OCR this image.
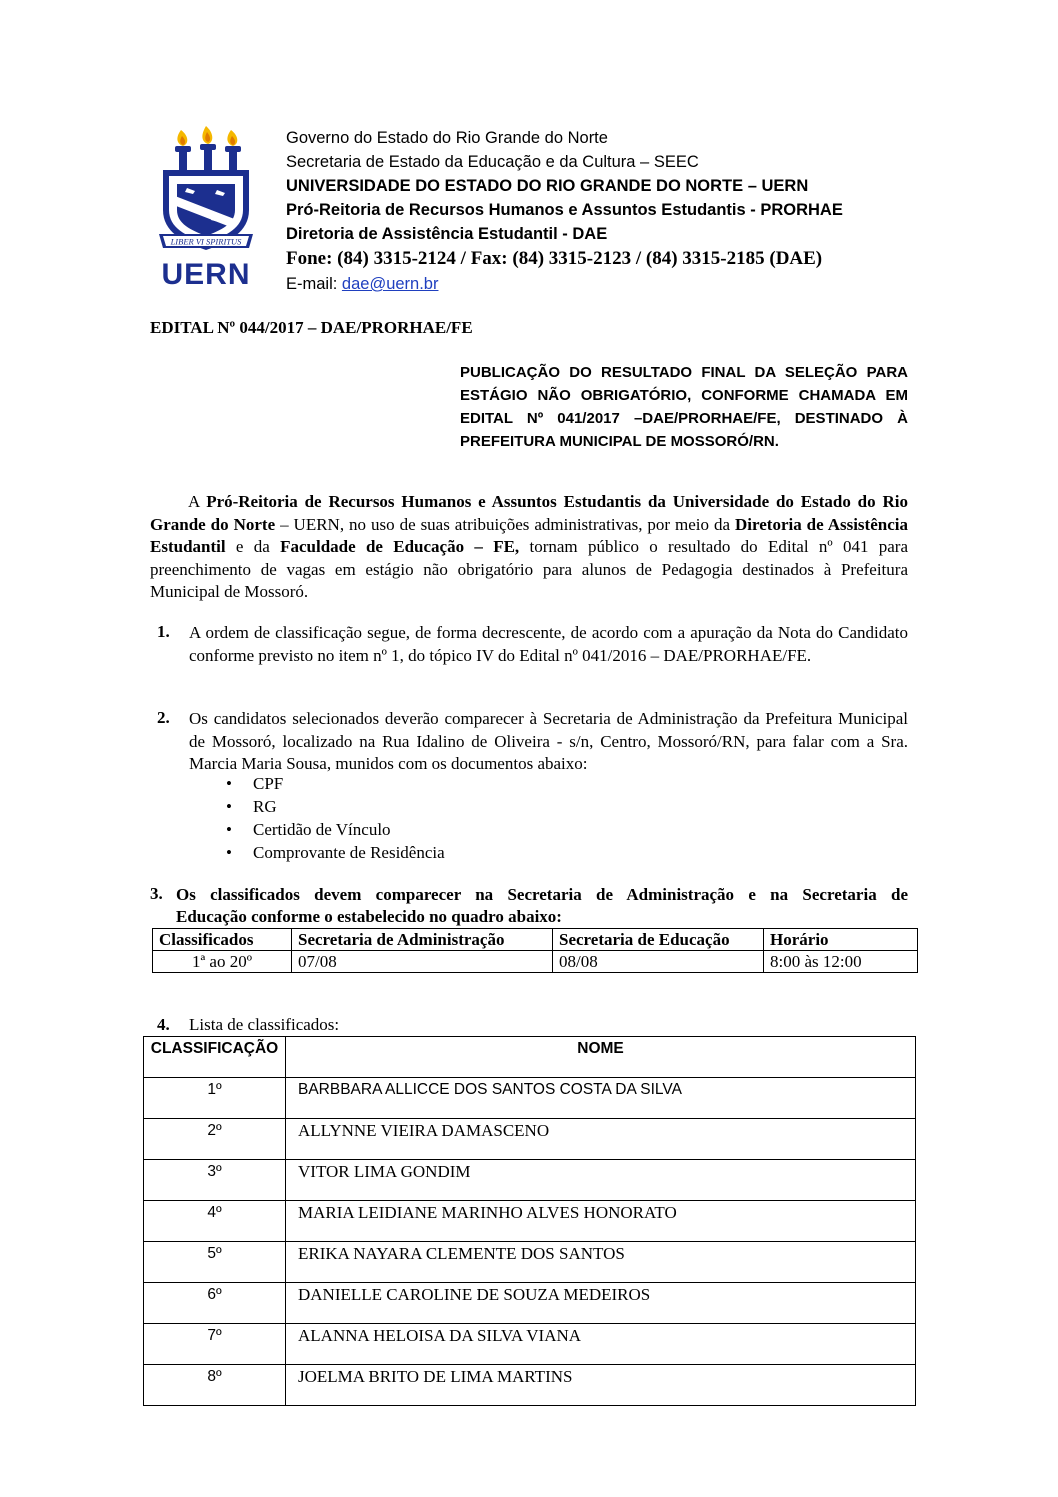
LIBER VI SPIRITUS
UERN
Governo do Estado do Rio Grande do Norte
Secretaria de Estado da Educação e da Cultura – SEEC
UNIVERSIDADE DO ESTADO DO RIO GRANDE DO NORTE – UERN
Pró-Reitoria de Recursos Humanos e Assuntos Estudantis - PRORHAE
Diretoria de Assistência Estudantil - DAE
Fone: (84) 3315-2124 / Fax: (84) 3315-2123 / (84) 3315-2185 (DAE)
E-mail: dae@uern.br
EDITAL Nº 044/2017 – DAE/PRORHAE/FE
PUBLICAÇÃO DO RESULTADO FINAL DA SELEÇÃO PARA ESTÁGIO NÃO OBRIGATÓRIO, CONFORME CHAMADA EM EDITAL Nº 041/2017 –DAE/PRORHAE/FE, DESTINADO À PREFEITURA MUNICIPAL DE MOSSORÓ/RN.
A Pró-Reitoria de Recursos Humanos e Assuntos Estudantis da Universidade do Estado do Rio Grande do Norte – UERN, no uso de suas atribuições administrativas, por meio da Diretoria de Assistência Estudantil e da Faculdade de Educação – FE, tornam público o resultado do Edital nº 041 para preenchimento de vagas em estágio não obrigatório para alunos de Pedagogia destinados à Prefeitura Municipal de Mossoró.
1. A ordem de classificação segue, de forma decrescente, de acordo com a apuração da Nota do Candidato conforme previsto no item nº 1, do tópico IV do Edital nº 041/2016 – DAE/PRORHAE/FE.
2. Os candidatos selecionados deverão comparecer à Secretaria de Administração da Prefeitura Municipal de Mossoró, localizado na Rua Idalino de Oliveira - s/n, Centro, Mossoró/RN, para falar com a Sra. Marcia Maria Sousa, munidos com os documentos abaixo:
• CPF
• RG
• Certidão de Vínculo
• Comprovante de Residência
3. Os classificados devem comparecer na Secretaria de Administração e na Secretaria de
Educação conforme o estabelecido no quadro abaixo:
Classificados	Secretaria de Administração	Secretaria de Educação	Horário
1ª ao 20º	07/08	08/08	8:00 às 12:00
4. Lista de classificados:
CLASSIFICAÇÃO	NOME
1º	BARBBARA ALLICCE DOS SANTOS COSTA DA SILVA
2º	ALLYNNE VIEIRA DAMASCENO
3º	VITOR LIMA GONDIM
4º	MARIA LEIDIANE MARINHO ALVES HONORATO
5º	ERIKA NAYARA CLEMENTE DOS SANTOS
6º	DANIELLE CAROLINE DE SOUZA MEDEIROS
7º	ALANNA HELOISA DA SILVA VIANA
8º	JOELMA BRITO DE LIMA MARTINS
